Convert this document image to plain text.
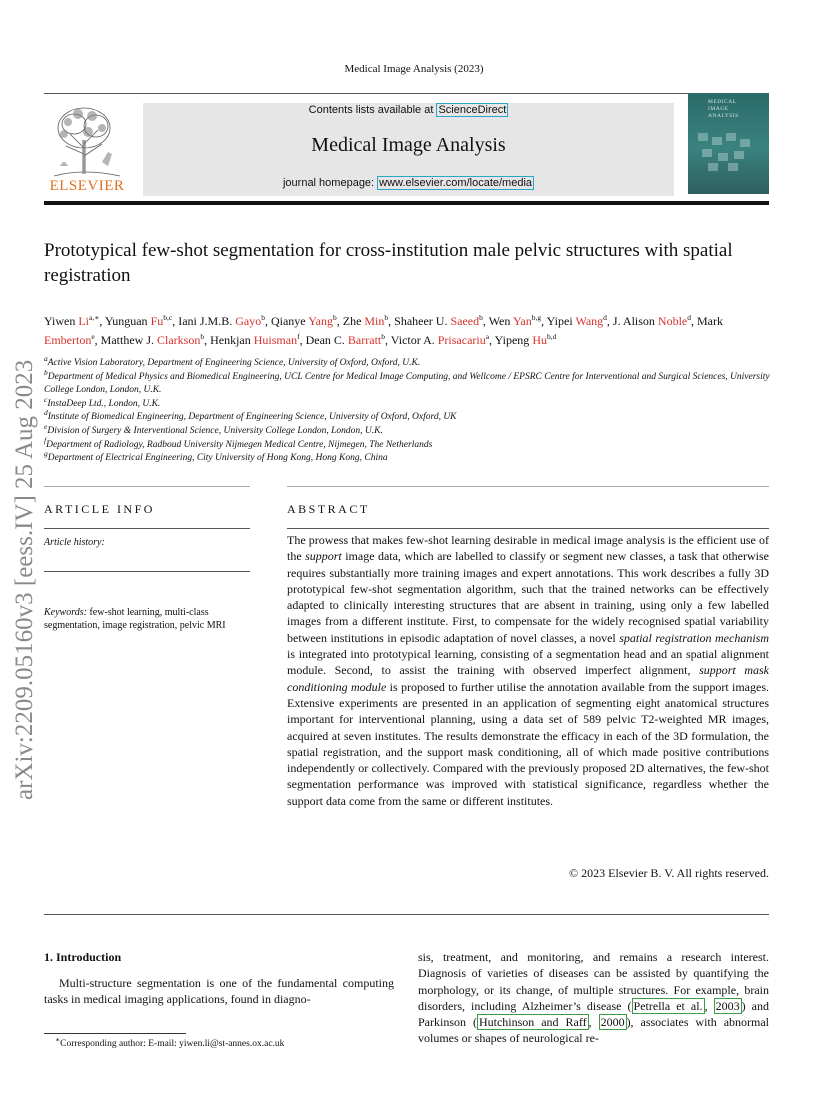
Medical Image Analysis (2023)
ELSEVIER
Contents lists available at ScienceDirect
Medical Image Analysis
journal homepage: www.elsevier.com/locate/media
MEDICAL
IMAGE
ANALYSIS
Prototypical few-shot segmentation for cross-institution male pelvic structures with spatial registration
Yiwen $Li^{a,∗}$, Yunguan Fu$^{b,c}$, Iani J.M.B. Gayo$^b$, Qianye Yang$^b$, Zhe Min$^b$, Shaheer U. Saeed$^b$, Wen Yan$^{b,g}$, Yipei Wang$^d$, J. Alison Noble$^d$, Mark Emberton$^e$, Matthew J. Clarkson$^b$, Henkjan Huisman$^f$, Dean C. Barratt$^b$, Victor A. Prisacariu$^a$, Yipeng Hu$^{b,d}$
$^a$Active Vision Laboratory, Department of Engineering Science, University of Oxford, Oxford, U.K.
$^b$Department of Medical Physics and Biomedical Engineering, UCL Centre for Medical Image Computing, and Wellcome / EPSRC Centre for Interventional and Surgical Sciences, University College London, London, U.K.
$^c$InstaDeep Ltd., London, U.K.
$^d$Institute of Biomedical Engineering, Department of Engineering Science, University of Oxford, Oxford, UK
$^e$Division of Surgery & Interventional Science, University College London, London, U.K.
$^f$Department of Radiology, Radboud University Nijmegen Medical Centre, Nijmegen, The Netherlands
$^g$Department of Electrical Engineering, City University of Hong Kong, Hong Kong, China
arXiv:2209.05160v3 [eess.IV] 25 Aug 2023 ARTICLE INFO
Article history:
Keywords: few-shot learning, multi-class segmentation, image registration, pelvic MRI
ABSTRACT
The prowess that makes few-shot learning desirable in medical image analysis is the efficient use of the support image data, which are labelled to classify or segment new classes, a task that otherwise requires substantially more training images and expert annotations. This work describes a fully 3D prototypical few-shot segmentation algorithm, such that the trained networks can be effectively adapted to clinically interesting structures that are absent in training, using only a few labelled images from a different institute. First, to compensate for the widely recognised spatial variability between institutions in episodic adaptation of novel classes, a novel spatial registration mechanism is integrated into prototypical learning, consisting of a segmentation head and an spatial alignment module. Second, to assist the training with observed imperfect alignment, support mask conditioning module is proposed to further utilise the annotation available from the support images. Extensive experiments are presented in an application of segmenting eight anatomical structures important for interventional planning, using a data set of 589 pelvic T2-weighted MR images, acquired at seven institutes. The results demonstrate the efficacy in each of the 3D formulation, the spatial registration, and the support mask conditioning, all of which made positive contributions independently or collectively. Compared with the previously proposed 2D alternatives, the few-shot segmentation performance was improved with statistical significance, regardless whether the support data come from the same or different institutes.
© 2023 Elsevier B. V. All rights reserved.
1. Introduction
Multi-structure segmentation is one of the fundamental computing tasks in medical imaging applications, found in diagno-
sis, treatment, and monitoring, and remains a research interest. Diagnosis of varieties of diseases can be assisted by quantifying the morphology, or its change, of multiple structures. For example, brain disorders, including Alzheimer’s disease ( Petrella et al. , 2003 ) and Parkinson ( Hutchinson and Raff , 2000 ), associates with abnormal volumes or shapes of neurological re-
∗Corresponding author: E-mail: yiwen.li@st-annes.ox.ac.uk
